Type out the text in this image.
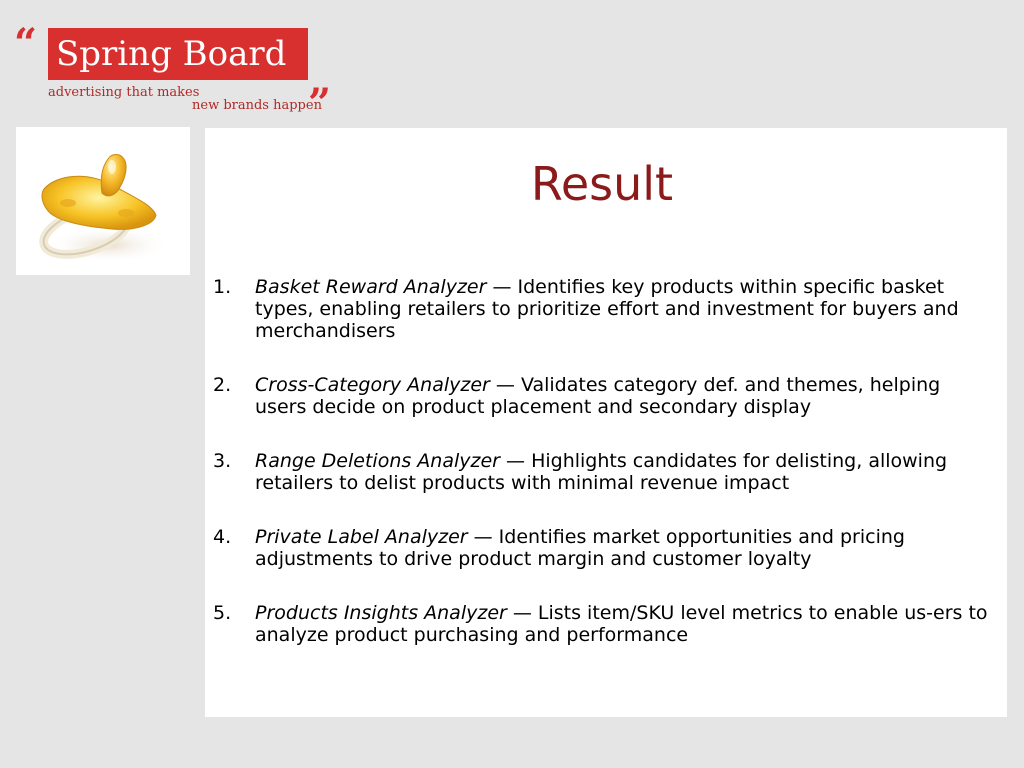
“ Spring Board
advertising that makes
new brands happen
”
Result
1. Basket Reward Analyzer — Identifies key products within specific basket types, enabling retailers to prioritize effort and investment for buyers and merchandisers
2. Cross-Category Analyzer — Validates category def. and themes, helping users decide on product placement and secondary display
3. Range Deletions Analyzer — Highlights candidates for delisting, allowing retailers to delist products with minimal revenue impact
4. Private Label Analyzer — Identifies market opportunities and pricing adjustments to drive product margin and customer loyalty
5. Products Insights Analyzer — Lists item/SKU level metrics to enable us-ers to analyze product purchasing and performance
